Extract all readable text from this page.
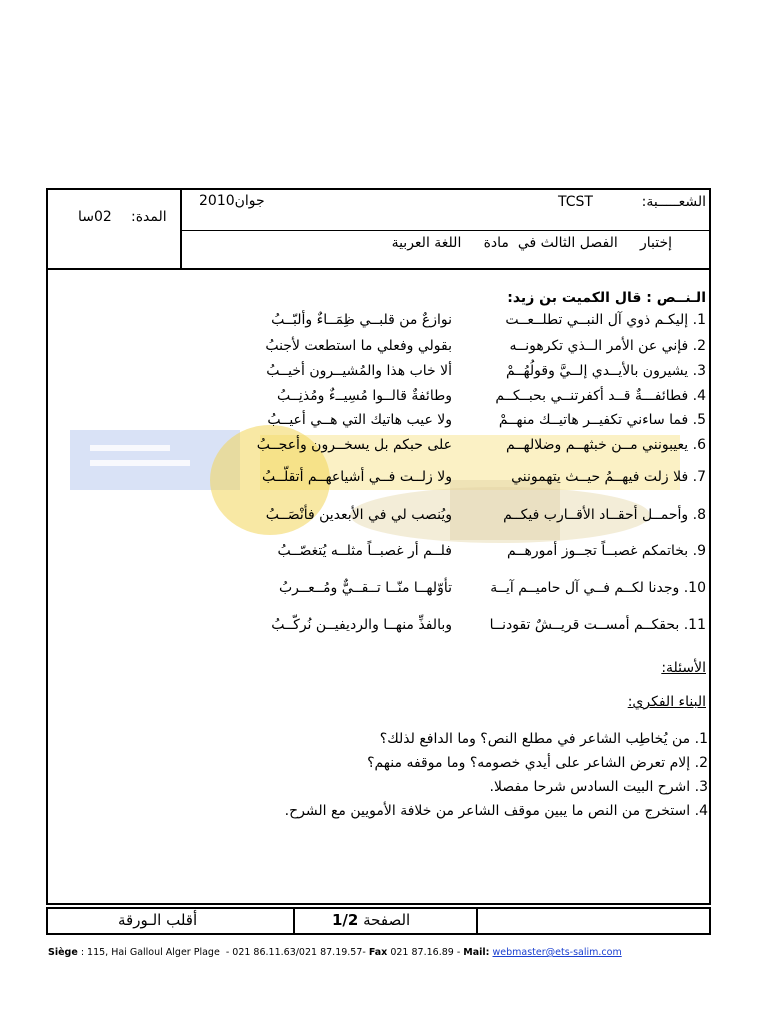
الشعـــــبة:
TCST
جوان2010
المدة:
02سا
إختبار     الفصل الثالث في  مادة     اللغة العربية
الـنــص : قال الكميت بن زيد:
1. إليكـم ذوي آل النبــي تطلــعــت
نوازعٌ من قلبــي ظِمَــاءٌ وألبّــبُ
2. فإني عن الأمر الــذي تكرهونــه
بقولي وفعلي ما استطعت لأجنبُ
3. يشيرون بالأيــدي إلــيَّ وقولُهُــمْ
ألا خاب هذا والمُشيــرون أخيــبُ
4. فطائفـــةٌ قــد أكفرتنــي بحبــكــم
وطائفةٌ قالــوا مُسِيــءٌ ومُذنِــبُ
5. فما ساءني تكفيــر هاتيــك منهــمْ
ولا عيب هاتيك التي هــي أعيــبُ
6. يعيبونني مــن خبثهــم وضلالهــم
على حبكم بل يسخــرون وأعجــبُ
7. فلا زلت فيهــمُ حيــث يتهمونني
ولا زلــت فــي أشياعهــم أتقلّــبُ
8. وأحمــل أحقــاد الأقــارب فيكــم
ويُنصب لي في الأبعدين فأنْصَــبُ
9. بخاتمكم غصبــاً تجــوز أمورهــم
فلــم أر غصبــاً مثلــه يُتغصّــبُ
10. وجدنا لكــم فــي آل حاميــم آيــة
تأوّلهــا منّــا تــقــيٌّ ومُــعــربُ
11. بحقكــم أمســت قريــشٌ تقودنــا
وبالفذِّ منهــا والرديفيــن نُركّــبُ
الأسئلة:
البناء الفكري:
1. من يُخاطِب الشاعر في مطلع النص؟ وما الدافع لذلك؟
2. إلام تعرض الشاعر على أيدي خصومه؟ وما موقفه منهم؟
3. اشرح البيت السادس شرحا مفصلا.
4. استخرج من النص ما يبين موقف الشاعر من خلافة الأمويين مع الشرح.
1/2 الصفحة
أقلب الـورقة
Siège : 115, Hai Galloul Alger Plage  - 021 86.11.63/021 87.19.57- Fax 021 87.16.89 - Mail: webmaster@ets-salim.com
